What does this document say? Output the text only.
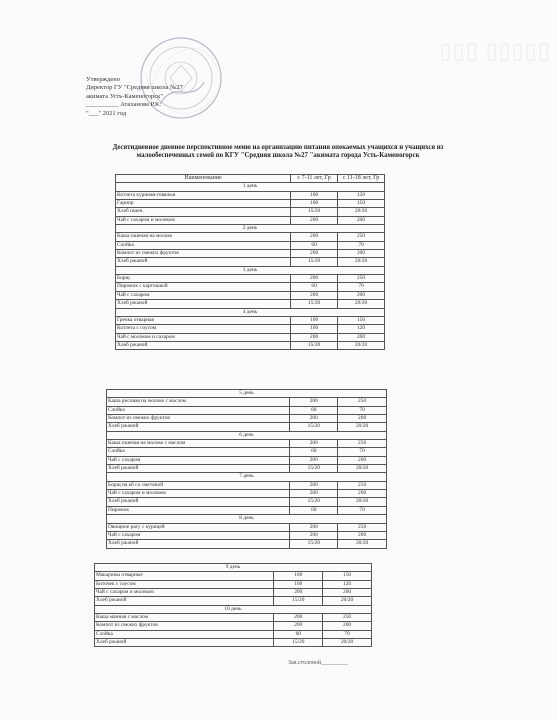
▯▯▯ ▯▯▯▯▯
Утверждено
Директор ГУ "Средняя школа №27
акимата Усть-Каменогорск"
__________ Атаханова Р.К.
"___" 2021 год
Десятидневное дневное перспективное меню на организацию питания опекаемых учащихся и учащихся из малообеспеченных семей по КГУ "Средняя школа №27 "акимата города Усть-Каменогорск
Наименование	с 7-11 лет, Гр	с 11-18 лет, Гр
1 день		
Котлета куриная-говяжья	100	120
Гарнир	100	150
Хлеб пшен.	15/20	20/20
Чай с сахаром и молоком	200	200
2 день		
Каша пшеная на молоке	200	250
Слойка	60	70
Компот из свежих фруктов	200	200
Хлеб ржаной	15/20	20/20
3 день		
Борщ	200	250
Пирожок с картошкой	60	70
Чай с сахаром	200	200
Хлеб ржаной	15/20	20/20
4 день		
Гречка отварная	100	150
Котлета с соусом	100	120
Чай с молоком и сахаром	200	200
Хлеб ржаной	15/20	20/20
5 день		
Каша рисовая на молоке с маслом	200	250
Слойка	60	70
Компот из свежих фруктов	200	200
Хлеб ржаной	15/20	20/20
6 день		
Каша пшеная на молоке с маслом	200	250
Слойка	60	70
Чай с сахаром	200	200
Хлеб ржаной	15/20	20/20
7 день		
Борщ на кб со сметаной	200	250
Чай с сахаром и молоком	200	200
Хлеб ржаной	15/20	20/20
Пирожок	60	70
8 день		
Овощное рагу с курицей	200	250
Чай с сахаром	200	200
Хлеб ржаной	15/20	20/20
9 день		
Макароны отварные	100	150
Биточек с соусом	100	120
Чай с сахаром и молоком	200	200
Хлеб ржаной	15/20	20/20
10 день		
Каша манная с маслом	200	250
Компот из свежих фруктов	200	200
Слойка	60	70
Хлеб ржаной	15/20	20/20
Зав.столовой_________
